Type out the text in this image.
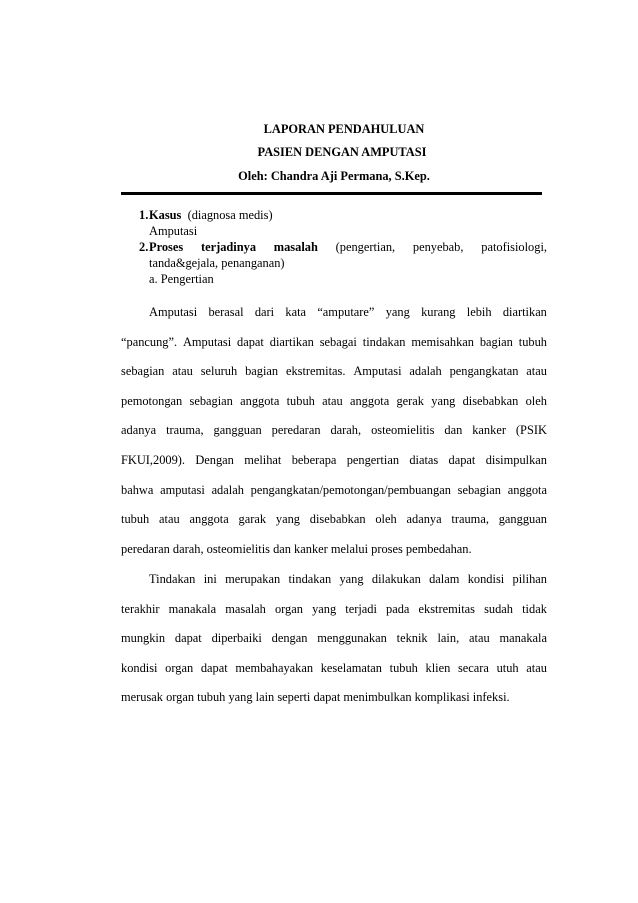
LAPORAN PENDAHULUAN
PASIEN DENGAN AMPUTASI
Oleh: Chandra Aji Permana, S.Kep.
1. Kasus (diagnosa medis)
Amputasi
2. Proses terjadinya masalah (pengertian, penyebab, patofisiologi,
tanda&gejala, penanganan)
a. Pengertian
Amputasi berasal dari kata “amputare” yang kurang lebih diartikan
“pancung”. Amputasi dapat diartikan sebagai tindakan memisahkan bagian tubuh
sebagian atau seluruh bagian ekstremitas. Amputasi adalah pengangkatan atau
pemotongan sebagian anggota tubuh atau anggota gerak yang disebabkan oleh
adanya trauma, gangguan peredaran darah, osteomielitis dan kanker (PSIK
FKUI,2009). Dengan melihat beberapa pengertian diatas dapat disimpulkan
bahwa amputasi adalah pengangkatan/pemotongan/pembuangan sebagian anggota
tubuh atau anggota garak yang disebabkan oleh adanya trauma, gangguan
peredaran darah, osteomielitis dan kanker melalui proses pembedahan.
Tindakan ini merupakan tindakan yang dilakukan dalam kondisi pilihan
terakhir manakala masalah organ yang terjadi pada ekstremitas sudah tidak
mungkin dapat diperbaiki dengan menggunakan teknik lain, atau manakala
kondisi organ dapat membahayakan keselamatan tubuh klien secara utuh atau
merusak organ tubuh yang lain seperti dapat menimbulkan komplikasi infeksi.
